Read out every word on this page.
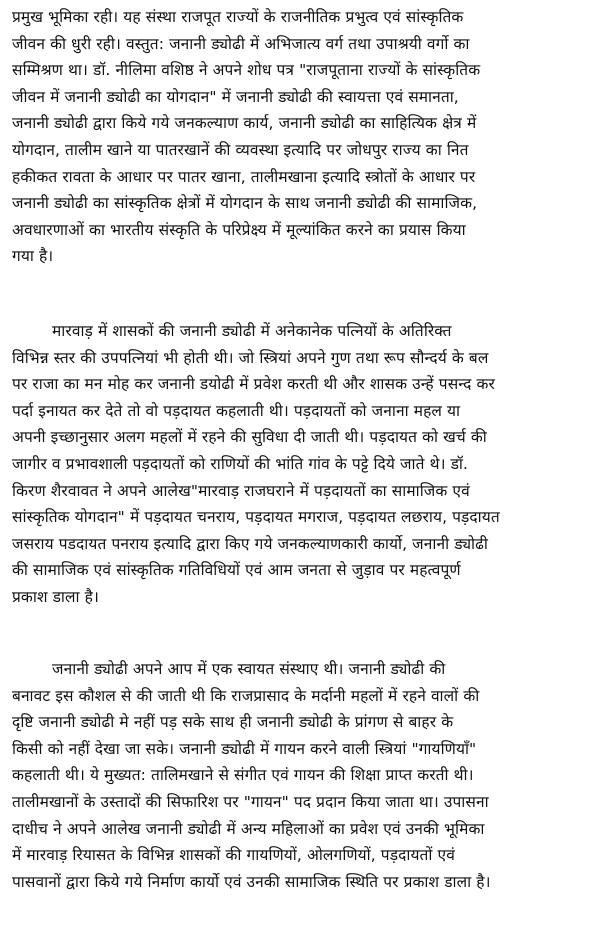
प्रमुख भूमिका रही। यह संस्था राजपूत राज्यों के राजनीतिक प्रभुत्व एवं सांस्कृतिक
जीवन की धुरी रही। वस्तुत: जनानी ड्योढी में अभिजात्य वर्ग तथा उपाश्रयी वर्गो का
सम्मिश्रण था। डॉ. नीलिमा वशिष्ठ ने अपने शोध पत्र "राजपूताना राज्यों के सांस्कृतिक
जीवन में जनानी ड्योढी का योगदान" में जनानी ड्योढी की स्वायत्ता एवं समानता,
जनानी ड्योढी द्वारा किये गये जनकल्याण कार्य, जनानी ड्योढी का साहित्यिक क्षेत्र में
योगदान, तालीम खाने या पातरखानें की व्यवस्था इत्यादि पर जोधपुर राज्य का नित
हकीकत रावता के आधार पर पातर खाना, तालीमखाना इत्यादि स्त्रोतों के आधार पर
जनानी ड्योढी का सांस्कृतिक क्षेत्रों में योगदान के साथ जनानी ड्योढी की सामाजिक,
अवधारणाओं का भारतीय संस्कृति के परिप्रेक्ष्य में मूल्यांकित करने का प्रयास किया
गया है।
मारवाड़ में शासकों की जनानी ड्योढी में अनेकानेक पत्नियों के अतिरिक्त
विभिन्न स्तर की उपपत्नियां भी होती थी। जो स्त्रियां अपने गुण तथा रूप सौन्दर्य के बल
पर राजा का मन मोह कर जनानी डयोढी में प्रवेश करती थी और शासक उन्हें पसन्द कर
पर्दा इनायत कर देते तो वो पड़दायत कहलाती थी। पड़दायतों को जनाना महल या
अपनी इच्छानुसार अलग महलों में रहने की सुविधा दी जाती थी। पड़दायत को खर्च की
जागीर व प्रभावशाली पड़दायतों को राणियों की भांति गांव के पट्टे दिये जाते थे। डॉ.
किरण शैरवावत ने अपने आलेख"मारवाड़ राजघराने में पड़दायतों का सामाजिक एवं
सांस्कृतिक योगदान" में पड़दायत चनराय, पड़दायत मगराज, पड़दायत लछराय, पड़दायत
जसराय पडदायत पनराय इत्यादि द्वारा किए गये जनकल्याणकारी कार्यो, जनानी ड्योढी
की सामाजिक एवं सांस्कृतिक गतिविधियों एवं आम जनता से जुड़ाव पर महत्वपूर्ण
प्रकाश डाला है।
जनानी ड्योढी अपने आप में एक स्वायत संस्थाए थी। जनानी ड्योढी की
बनावट इस कौशल से की जाती थी कि राजप्रासाद के मर्दानी महलों में रहने वालों की
दृष्टि जनानी ड्योढी मे नहीं पड़ सके साथ ही जनानी ड्योढी के प्रांगण से बाहर के
किसी को नहीं देखा जा सके। जनानी ड्योढी में गायन करने वाली स्त्रियां "गायणियाँ"
कहलाती थी। ये मुख्यत: तालिमखाने से संगीत एवं गायन की शिक्षा प्राप्त करती थी।
तालीमखानों के उस्तादों की सिफारिश पर "गायन" पद प्रदान किया जाता था। उपासना
दाधीच ने अपने आलेख जनानी ड्योढी में अन्य महिलाओं का प्रवेश एवं उनकी भूमिका
में मारवाड़ रियासत के विभिन्न शासकों की गायणियों, ओलगणियों, पड़दायतों एवं
पासवानों द्वारा किये गये निर्माण कार्यो एवं उनकी सामाजिक स्थिति पर प्रकाश डाला है।
